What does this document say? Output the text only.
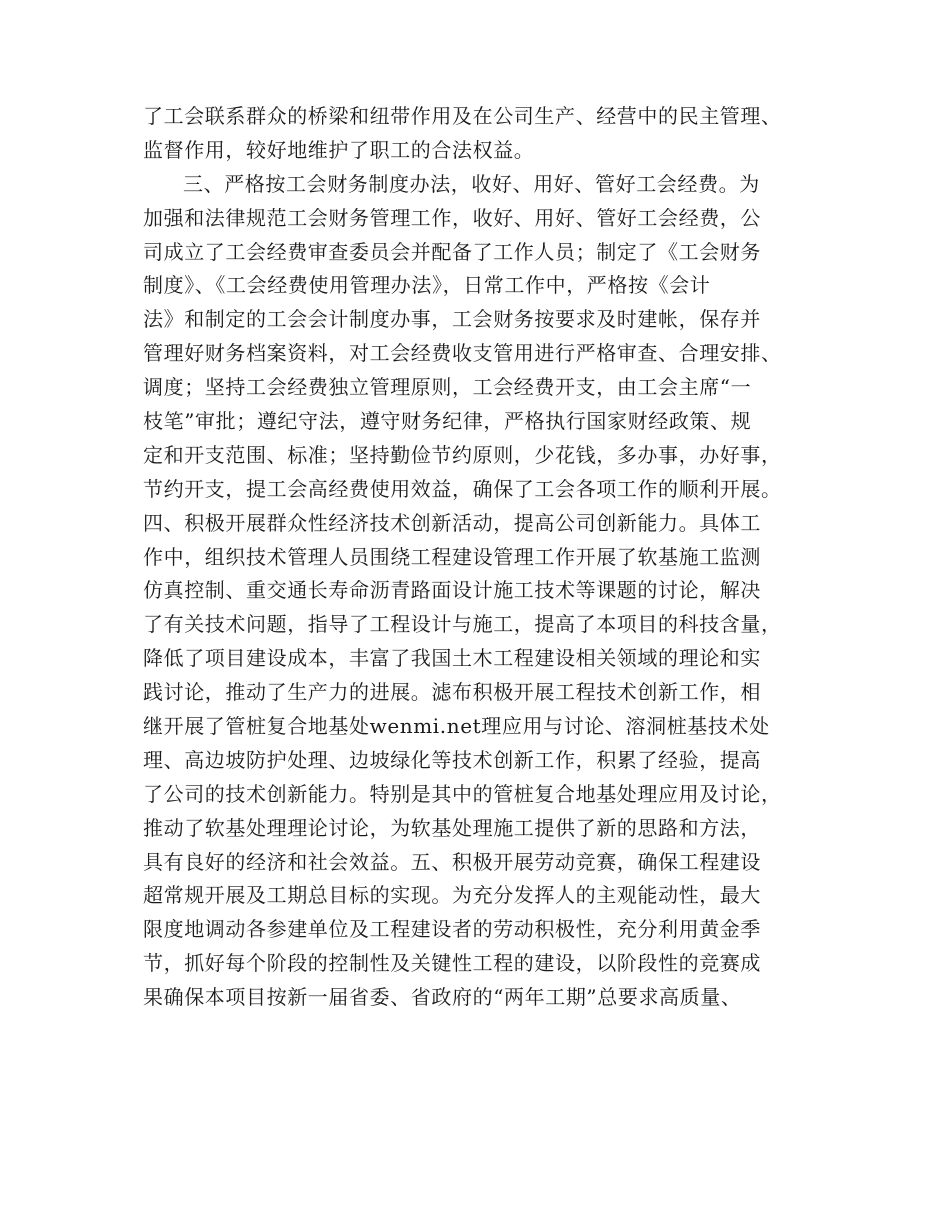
了工会联系群众的桥梁和纽带作用及在公司生产、经营中的民主管理、
监督作用，较好地维护了职工的合法权益。
三、严格按工会财务制度办法，收好、用好、管好工会经费。为
加强和法律规范工会财务管理工作，收好、用好、管好工会经费，公
司成立了工会经费审查委员会并配备了工作人员；制定了《工会财务
制度》、《工会经费使用管理办法》，日常工作中，严格按《会计
法》和制定的工会会计制度办事，工会财务按要求及时建帐，保存并
管理好财务档案资料，对工会经费收支管用进行严格审查、合理安排、
调度；坚持工会经费独立管理原则，工会经费开支，由工会主席“一
枝笔”审批；遵纪守法，遵守财务纪律，严格执行国家财经政策、规
定和开支范围、标准；坚持勤俭节约原则，少花钱，多办事，办好事，
节约开支，提工会高经费使用效益，确保了工会各项工作的顺利开展。
四、积极开展群众性经济技术创新活动，提高公司创新能力。具体工
作中，组织技术管理人员围绕工程建设管理工作开展了软基施工监测
仿真控制、重交通长寿命沥青路面设计施工技术等课题的讨论，解决
了有关技术问题，指导了工程设计与施工，提高了本项目的科技含量，
降低了项目建设成本，丰富了我国土木工程建设相关领域的理论和实
践讨论，推动了生产力的进展。滤布积极开展工程技术创新工作，相
继开展了管桩复合地基处wenmi.net理应用与讨论、溶洞桩基技术处
理、高边坡防护处理、边坡绿化等技术创新工作，积累了经验，提高
了公司的技术创新能力。特别是其中的管桩复合地基处理应用及讨论，
推动了软基处理理论讨论，为软基处理施工提供了新的思路和方法，
具有良好的经济和社会效益。五、积极开展劳动竞赛，确保工程建设
超常规开展及工期总目标的实现。为充分发挥人的主观能动性，最大
限度地调动各参建单位及工程建设者的劳动积极性，充分利用黄金季
节，抓好每个阶段的控制性及关键性工程的建设，以阶段性的竞赛成
果确保本项目按新一届省委、省政府的“两年工期”总要求高质量、
